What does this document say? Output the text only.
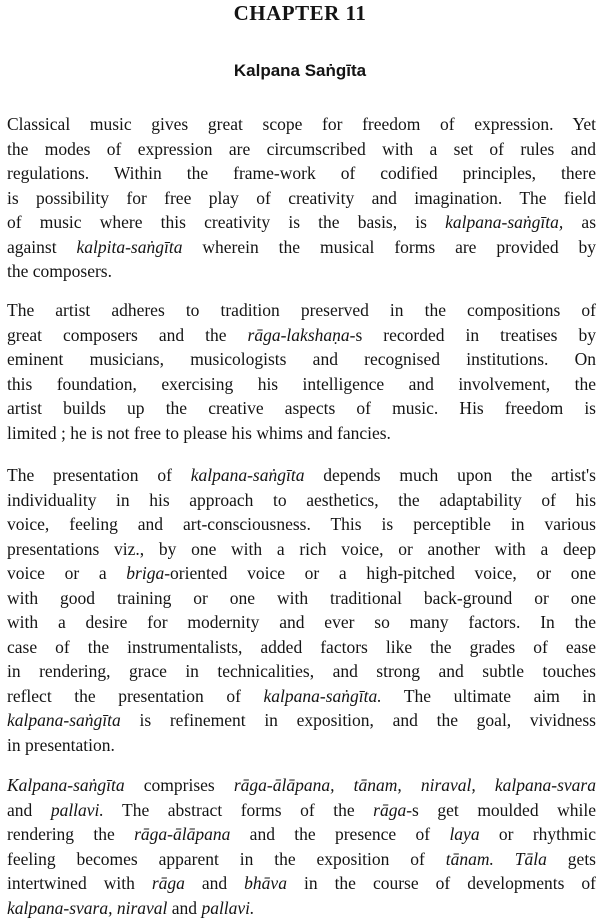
CHAPTER 11
Kalpana Saṅgīta
Classical music gives great scope for freedom of expression. Yet
the modes of expression are circumscribed with a set of rules and
regulations. Within the frame-work of codified principles, there
is possibility for free play of creativity and imagination. The field
of music where this creativity is the basis, is kalpana-saṅgīta, as
against kalpita-saṅgīta wherein the musical forms are provided by
the composers.
The artist adheres to tradition preserved in the compositions of
great composers and the rāga-lakshaṇa-s recorded in treatises by
eminent musicians, musicologists and recognised institutions. On
this foundation, exercising his intelligence and involvement, the
artist builds up the creative aspects of music. His freedom is
limited ; he is not free to please his whims and fancies.
The presentation of kalpana-saṅgīta depends much upon the artist's
individuality in his approach to aesthetics, the adaptability of his
voice, feeling and art-consciousness. This is perceptible in various
presentations viz., by one with a rich voice, or another with a deep
voice or a briga-oriented voice or a high-pitched voice, or one
with good training or one with traditional back-ground or one
with a desire for modernity and ever so many factors. In the
case of the instrumentalists, added factors like the grades of ease
in rendering, grace in technicalities, and strong and subtle touches
reflect the presentation of kalpana-saṅgīta. The ultimate aim in
kalpana-saṅgīta is refinement in exposition, and the goal, vividness
in presentation.
Kalpana-saṅgīta comprises rāga-ālāpana, tānam, niraval, kalpana-svara
and pallavi. The abstract forms of the rāga-s get moulded while
rendering the rāga-ālāpana and the presence of laya or rhythmic
feeling becomes apparent in the exposition of tānam. Tāla gets
intertwined with rāga and bhāva in the course of developments of
kalpana-svara, niraval and pallavi.
